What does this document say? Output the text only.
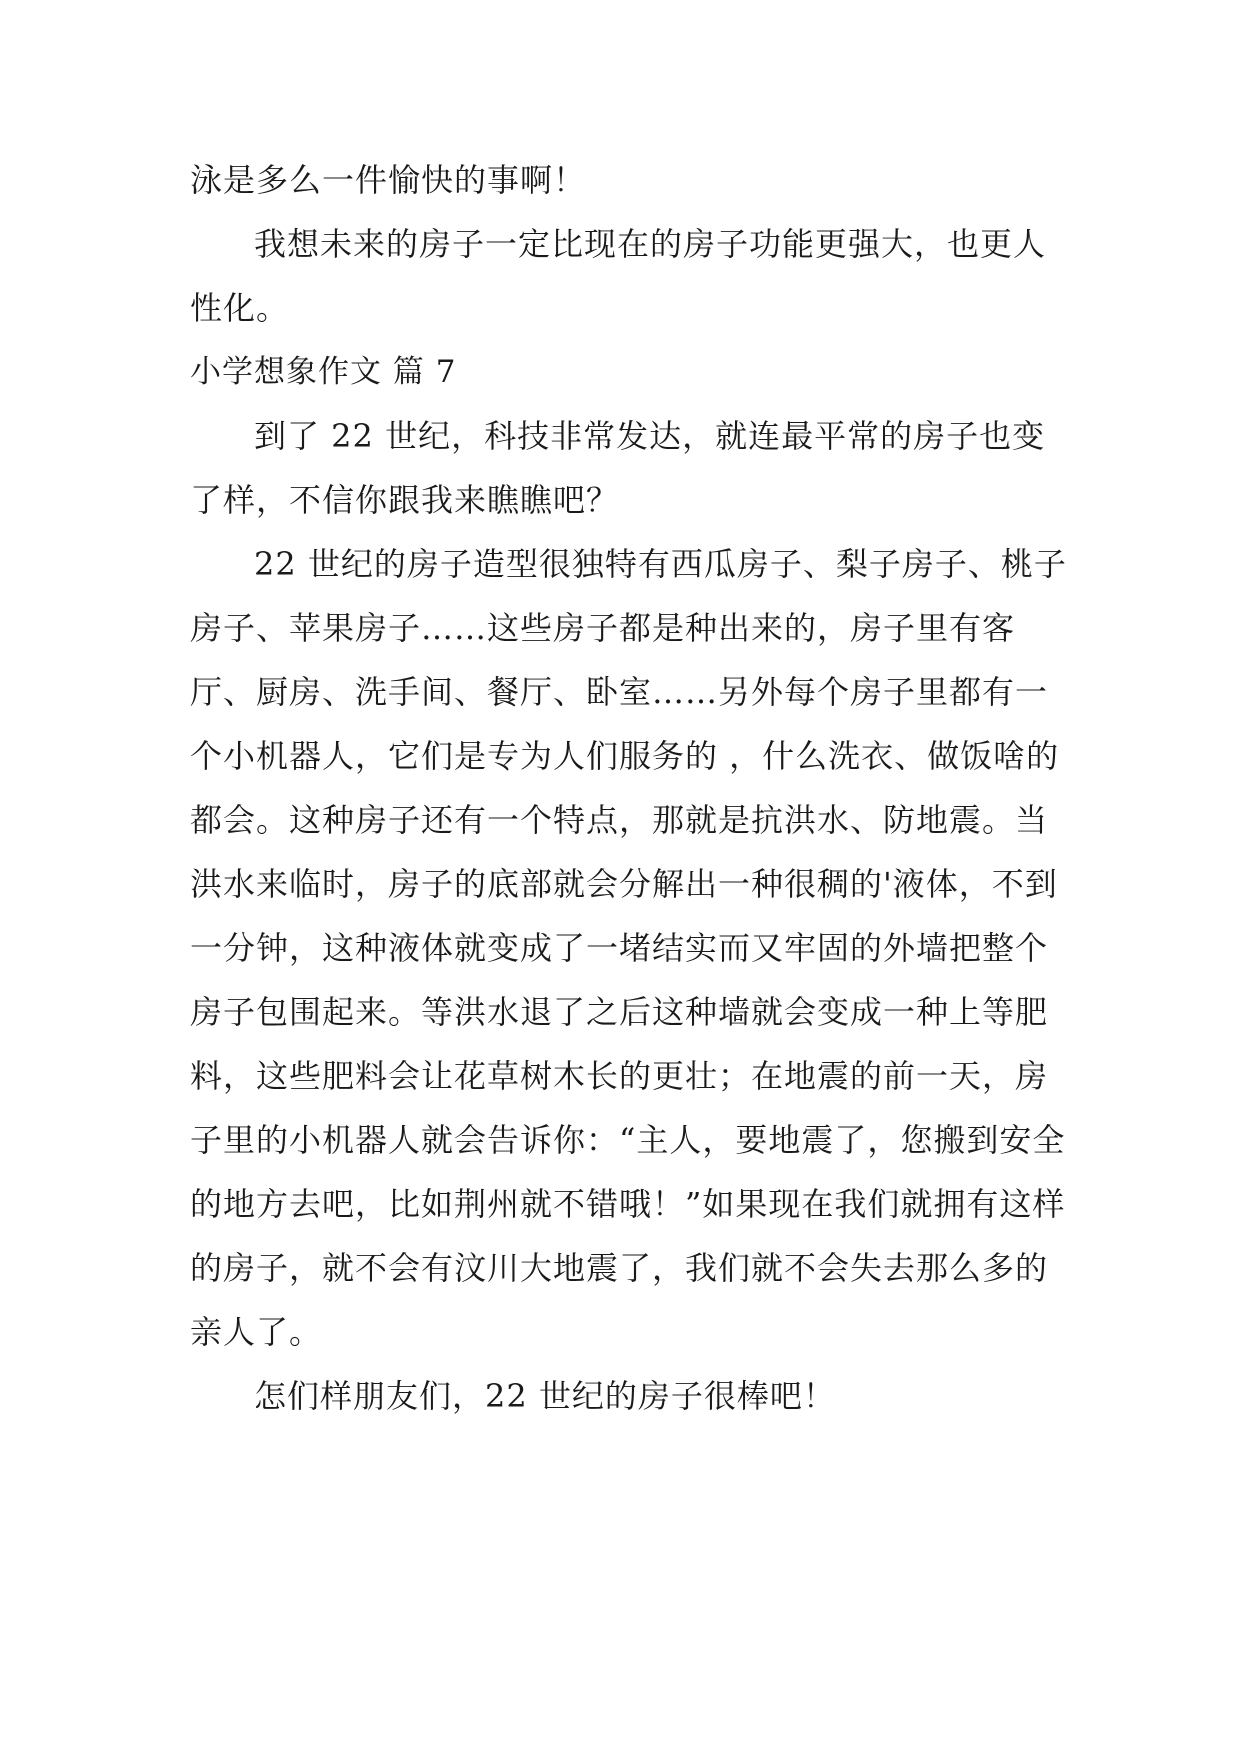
泳是多么一件愉快的事啊！
我想未来的房子一定比现在的房子功能更强大，也更人性化。
小学想象作文 篇 7
到了 22 世纪，科技非常发达，就连最平常的房子也变了样，不信你跟我来瞧瞧吧？
22 世纪的房子造型很独特有西瓜房子、梨子房子、桃子房子、苹果房子……这些房子都是种出来的，房子里有客厅、厨房、洗手间、餐厅、卧室……另外每个房子里都有一个小机器人，它们是专为人们服务的 ，什么洗衣、做饭啥的都会。这种房子还有一个特点，那就是抗洪水、防地震。当洪水来临时，房子的底部就会分解出一种很稠的'液体，不到一分钟，这种液体就变成了一堵结实而又牢固的外墙把整个房子包围起来。等洪水退了之后这种墙就会变成一种上等肥料，这些肥料会让花草树木长的更壮；在地震的前一天，房子里的小机器人就会告诉你：“主人，要地震了，您搬到安全的地方去吧，比如荆州就不错哦！”如果现在我们就拥有这样的房子，就不会有汶川大地震了，我们就不会失去那么多的亲人了。
怎们样朋友们，22 世纪的房子很棒吧！
